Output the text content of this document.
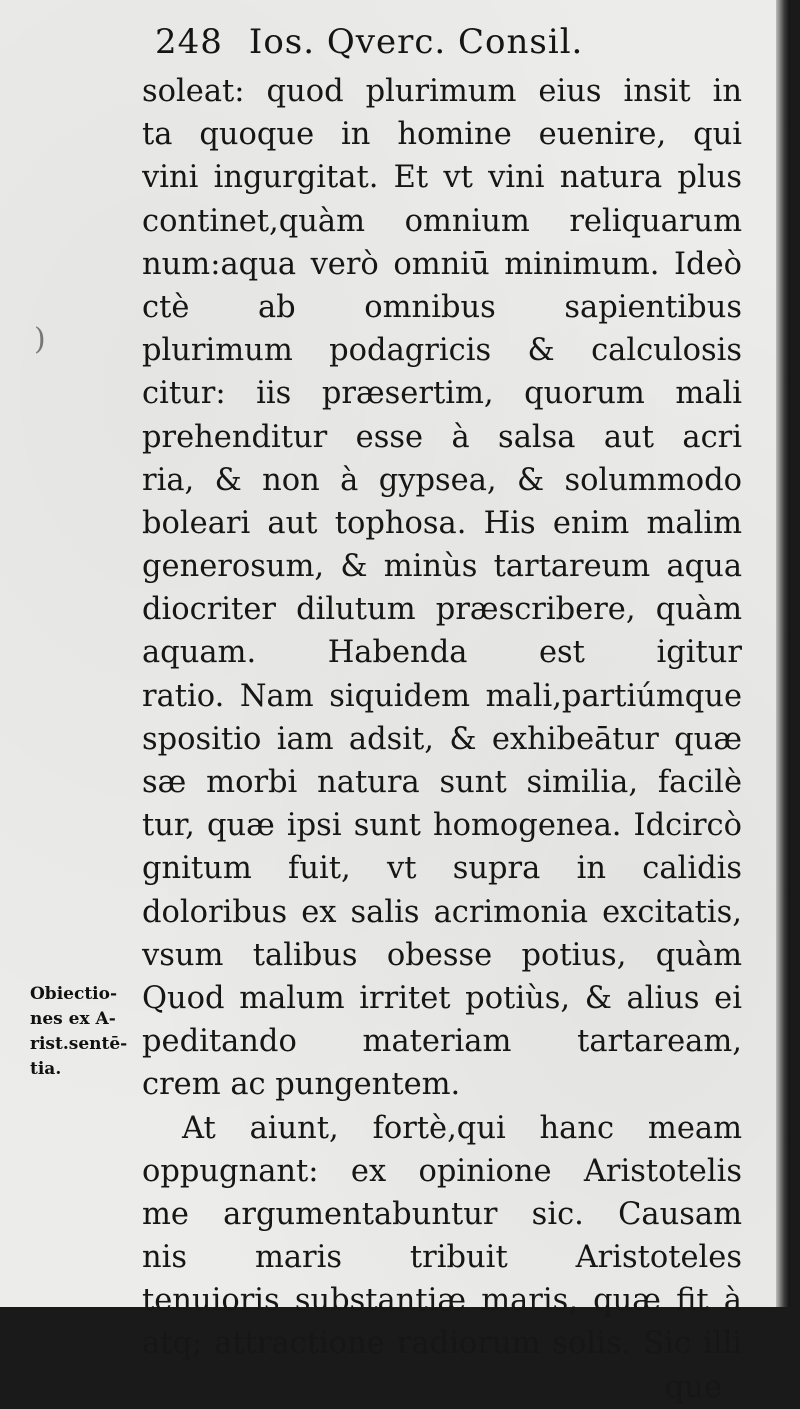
248 Ios. Qverc. Consil.
soleat: quod plurimum eius insit in
ta quoque in homine euenire, qui
vini ingurgitat. Et vt vini natura plus
continet,quàm omnium reliquarum
num:aqua verò omniū minimum. Ideò
ctè ab omnibus sapientibus
plurimum podagricis & calculosis
citur: iis præsertim, quorum mali
prehenditur esse à salsa aut acri
ria, & non à gypsea, & solummodo
boleari aut tophosa. His enim malim
generosum, & minùs tartareum aqua
diocriter dilutum præscribere, quàm
aquam. Habenda est igitur
ratio. Nam siquidem mali,partiúmque
spositio iam adsit, & exhibeātur quæ
sæ morbi natura sunt similia, facilè
tur, quæ ipsi sunt homogenea. Idcircò
gnitum fuit, vt supra in calidis
doloribus ex salis acrimonia excitatis,
vsum talibus obesse potius, quàm
Quod malum irritet potiùs, & alius ei
peditando materiam tartaream,
crem ac pungentem.
At aiunt, fortè,qui hanc meam
oppugnant: ex opinione Aristotelis
me argumentabuntur sic. Causam
nis maris tribuit Aristoteles
tenuioris substantiæ maris, quæ fit à
atq; attractione radiorum solis. Sic illi
que
Obiectio-
nes ex A-
rist.sentē-
tia.
)
